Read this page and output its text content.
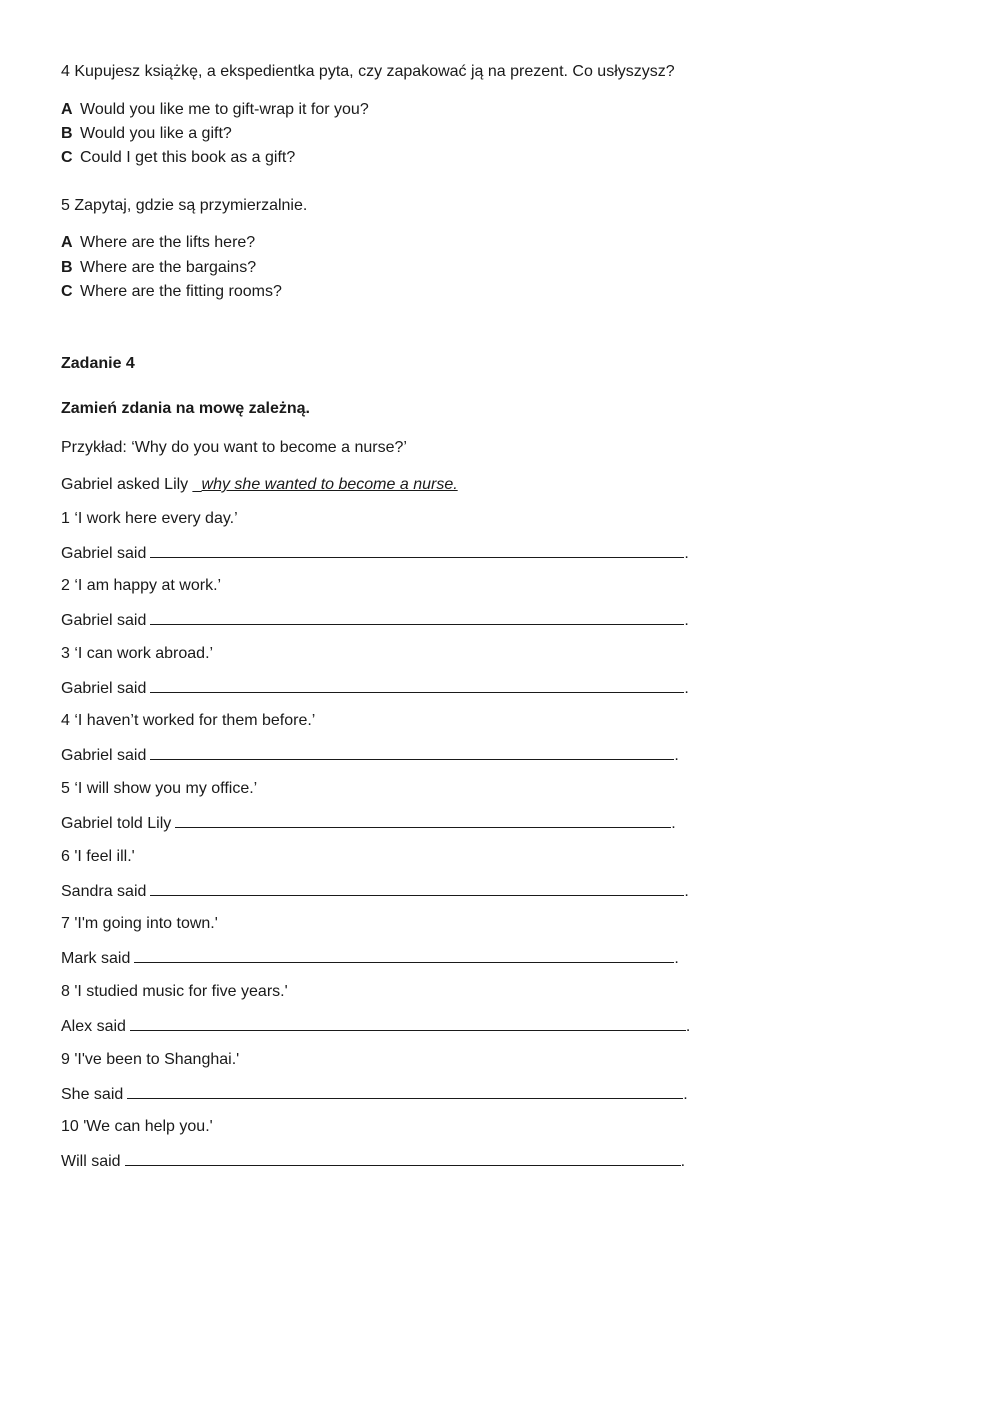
4 Kupujesz książkę, a ekspedientka pyta, czy zapakować ją na prezent. Co usłyszysz?
A Would you like me to gift-wrap it for you?
B Would you like a gift?
C Could I get this book as a gift?
5 Zapytaj, gdzie są przymierzalnie.
A Where are the lifts here?
B Where are the bargains?
C Where are the fitting rooms?
Zadanie 4
Zamień zdania na mowę zależną.
Przykład: ‘Why do you want to become a nurse?’
Gabriel asked Lily _why she wanted to become a nurse.
1 ‘I work here every day.’
Gabriel said	.
2 ‘I am happy at work.’
Gabriel said	.
3 ‘I can work abroad.’
Gabriel said	.
4 ‘I haven’t worked for them before.’
Gabriel said	.
5 ‘I will show you my office.’
Gabriel told Lily	.
6 'I feel ill.'
Sandra said	.
7 'I'm going into town.'
Mark said	.
8 'I studied music for five years.'
Alex said	.
9 'I've been to Shanghai.'
She said	.
10 'We can help you.'
Will said	.
